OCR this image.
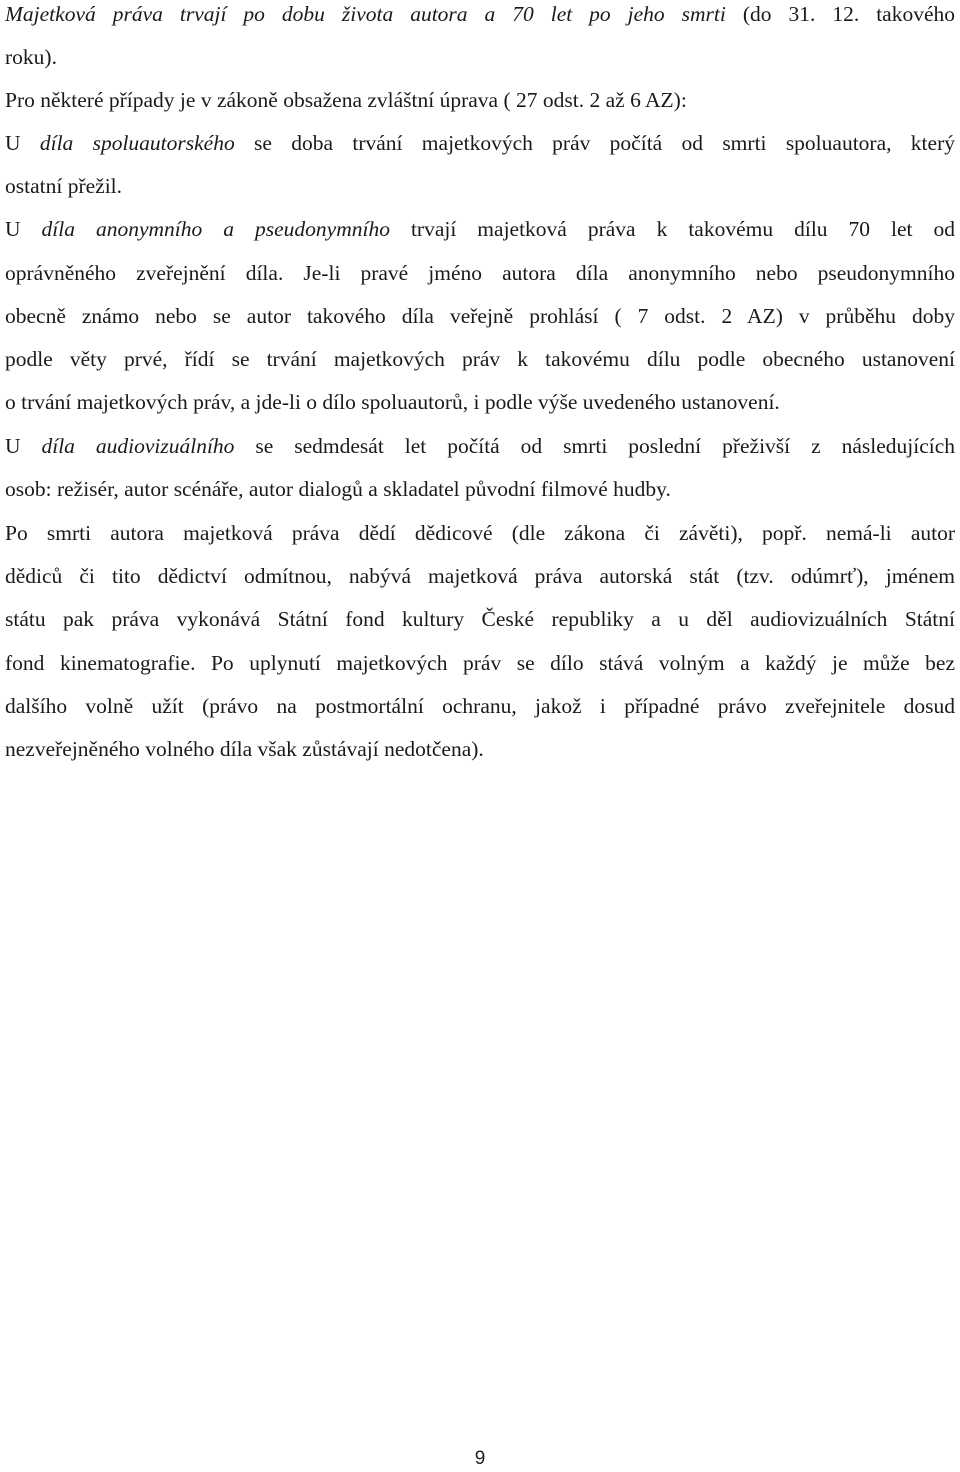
Majetková práva trvají po dobu života autora a 70 let po jeho smrti (do 31. 12. takového
roku).
Pro některé případy je v zákoně obsažena zvláštní úprava ( 27 odst. 2 až 6 AZ):
U díla spoluautorského se doba trvání majetkových práv počítá od smrti spoluautora, který
ostatní přežil.
U díla anonymního a pseudonymního trvají majetková práva k takovému dílu 70 let od
oprávněného zveřejnění díla. Je-li pravé jméno autora díla anonymního nebo pseudonymního
obecně známo nebo se autor takového díla veřejně prohlásí ( 7 odst. 2 AZ) v průběhu doby
podle věty prvé, řídí se trvání majetkových práv k takovému dílu podle obecného ustanovení
o trvání majetkových práv, a jde-li o dílo spoluautorů, i podle výše uvedeného ustanovení.
U díla audiovizuálního se sedmdesát let počítá od smrti poslední přeživší z následujících
osob: režisér, autor scénáře, autor dialogů a skladatel původní filmové hudby.
Po smrti autora majetková práva dědí dědicové (dle zákona či závěti), popř. nemá-li autor
dědiců či tito dědictví odmítnou, nabývá majetková práva autorská stát (tzv. odúmrť), jménem
státu pak práva vykonává Státní fond kultury České republiky a u děl audiovizuálních Státní
fond kinematografie. Po uplynutí majetkových práv se dílo stává volným a každý je může bez
dalšího volně užít (právo na postmortální ochranu, jakož i případné právo zveřejnitele dosud
nezveřejněného volného díla však zůstávají nedotčena).
9
